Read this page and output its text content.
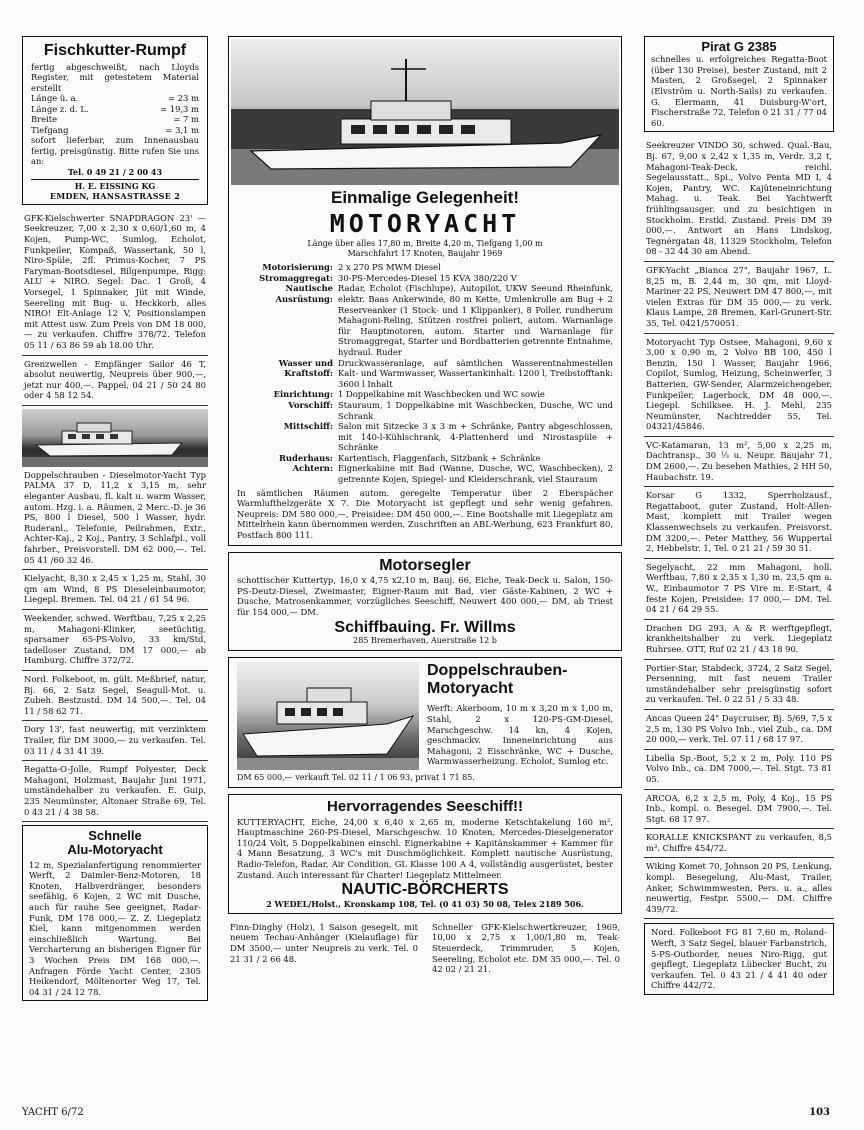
Fischkutter-Rumpf
fertig abgeschweißt, nach Lloyds Register, mit getestetem Material erstellt
Länge ü. a.	= 23 m
Länge z. d. L.	= 19,3 m
Breite	= 7 m
Tiefgang	= 3,1 m
sofort lieferbar, zum Innenausbau fertig, preisgünstig. Bitte rufen Sie uns an:
Tel. 0 49 21 / 2 00 43
H. E. EISSING KG
EMDEN, HANSASTRASSE 2
GFK-Kielschwerter SNAPDRAGON 23' — Seekreuzer, 7,00 x 2,30 x 0,60/1,60 m, 4 Kojen, Pump-WC, Sumlog, Echolot, Funkpeiler, Kompaß, Wassertank, 50 l, Niro-Spüle, 2fl. Primus-Kocher, 7 PS Faryman-Bootsdiesel, Bilgenpumpe, Rigg: ALU + NIRO. Segel: Dac. 1 Groß, 4 Vorsegel, 1 Spinnaker, Jüt mit Winde, Seereling mit Bug- u. Heckkorb, alles NIRO! Elt-Anlage 12 V, Positionslampen mit Attest usw. Zum Preis von DM 18 000,— zu verkaufen. Chiffre 378/72. Telefon 05 11 / 63 86 59 ab 18.00 Uhr.
Grenzwellen - Empfänger Sailor 46 T, absolut neuwertig, Neupreis über 900,—, jetzt nur 400,—. Pappel, 04 21 / 50 24 80 oder 4 58 12 54.
Doppelschrauben - Dieselmotor-Yacht Typ PALMA 37 D, 11,2 x 3,15 m, sehr eleganter Ausbau, fl. kalt u. warm Wasser, autom. Hzg. i. a. Räumen, 2 Merc.-D. je 36 PS, 800 l Diesel, 500 l Wasser, hydr. Ruderanl., Telefonie, Peilrahmen, Extr., Achter-Kaj., 2 Koj., Pantry, 3 Schlafpl., voll fahrber., Preisvorstell. DM 62 000,—. Tel. 05 41 /60 32 46.
Kielyacht, 8,30 x 2,45 x 1,25 m, Stahl, 30 qm am Wind, 8 PS Dieseleinbaumotor, Liegepl. Bremen. Tel. 04 21 / 61 54 96.
Weekender, schwed. Werftbau, 7,25 x 2,25 m, Mahagoni-Klinker, seetüchtig, sparsamer 65-PS-Volvo, 33 km/Std, tadelloser Zustand, DM 17 000,— ab Hamburg. Chiffre 372/72.
Nord. Folkeboot, m. gült. Meßbrief, natur, Bj. 66, 2 Satz Segel, Seagull-Mot. u. Zubeh. Bestzustd. DM 14 500,—. Tel. 04 11 / 58 62 71.
Dory 13', fast neuwertig, mit verzinktem Trailer, für DM 3000,— zu verkaufen. Tel. 03 11 / 4 31 41 39.
Regatta-O-Jolle, Rumpf Polyester, Deck Mahagoni, Holzmast, Baujahr Juni 1971, umständehalber zu verkaufen. E. Guip, 235 Neumünster, Altonaer Straße 69, Tel. 0 43 21 / 4 38 58.
Schnelle
Alu-Motoryacht
12 m, Spezialanfertigung renommierter Werft, 2 Daimler-Benz-Motoren, 18 Knoten, Halbverdränger, besonders seefähig, 6 Kojen, 2 WC mit Dusche, auch für rauhe See geeignet, Radar-Funk, DM 178 000,— Z. Z. Liegeplatz Kiel, kann mitgenommen werden einschließlich Wartung. Bei Vercharterung an bisherigen Eigner für 3 Wochen Preis DM 168 000,—. Anfragen Förde Yacht Center, 2305 Heikendorf, Möltenorter Weg 17, Tel. 04 31 / 24 12 78.
Einmalige Gelegenheit!
MOTORYACHT
Länge über alles 17,80 m, Breite 4,20 m, Tiefgang 1,00 m
Marschfahrt 17 Knoten, Baujahr 1969
Motorisierung: 2 x 270 PS MWM Diesel
Stromaggregat: 30-PS-Mercedes-Diesel 15 KVA 380/220 V
Nautische Ausrüstung:
Radar, Echolot (Fischlupe), Autopilot, UKW Seeund Rheinfunk, elektr. Baas Ankerwinde, 80 m Kette, Umlenkrolle am Bug + 2 Reserveanker (1 Stock- und 1 Klippanker), 8 Poller, rundherum Mahagoni-Reling, Stützen rostfrei poliert, autom. Warnanlage für Hauptmotoren, autom. Starter und Warnanlage für Stromaggregat, Starter und Bordbatterien getrennte Entnahme, hydraul. Ruder
Wasser und Kraftstoff:
Druckwasseranlage, auf sämtlichen Wasserentnahmestellen Kalt- und Warmwasser, Wassertankinhalt: 1200 l, Treibstofftank: 3600 l Inhalt
Einrichtung: 1 Doppelkabine mit Waschbecken und WC sowie
Vorschiff: Stauraum, 1 Doppelkabine mit Waschbecken, Dusche, WC und Schrank
Mittschiff: Salon mit Sitzecke 3 x 3 m + Schränke, Pantry abgeschlossen, mit 140-l-Kühlschrank, 4-Plattenherd und Nirostaspüle + Schränke
Ruderhaus: Kartentisch, Flaggenfach, Sitzbank + Schränke
Achtern: Eignerkabine mit Bad (Wanne, Dusche, WC, Waschbecken), 2 getrennte Kojen, Spiegel- und Kleiderschrank, viel Stauraum
In sämtlichen Räumen autom. geregelte Temperatur über 2 Eberspächer Warmlufthelzgeräte X 7. Die Motoryacht ist gepflegt und sehr wenig gefahren. Neupreis: DM 580 000,—, Preisidee: DM 450 000,—. Eine Bootshalle mit Liegeplatz am Mittelrhein kann übernommen werden. Zuschriften an ABL-Werbung, 623 Frankfurt 80, Postfach 800 111.
Motorsegler
schottischer Kuttertyp, 16,0 x 4,75 x2,10 m, Bauj. 66, Eiche, Teak-Deck u. Salon, 150-PS-Deutz-Diesel, Zweimaster, Eigner-Raum mit Bad, vier Gäste-Kabinen, 2 WC + Dusche, Matrosenkammer, vorzügliches Seeschiff, Neuwert 400 000,— DM, ab Triest für 154 000,— DM.
Schiffbauing. Fr. Willms
285 Bremerhaven, Auerstraße 12 b
Doppelschrauben-
Motoryacht
Werft: Akerboom, 10 m x 3,20 m x 1,00 m, Stahl, 2 x 120-PS-GM-Diesel, Marschgeschw. 14 kn, 4 Kojen, geschmackv. Inneneinrichtung aus Mahagoni, 2 Eisschränke, WC + Dusche, Warmwasserheizung. Echolot, Sumlog etc.
DM 65 000,— verkauft Tel. 02 11 / 1 06 93, privat 1 71 85.
Hervorragendes Seeschiff!!
KUTTERYACHT, Eiche, 24,00 x 6,40 x 2,65 m, moderne Ketschtakelung 160 m², Hauptmaschine 260-PS-Diesel, Marschgeschw. 10 Knoten, Mercedes-Dieselgenerator 110/24 Volt, 5 Doppelkabinen einschl. Eignerkabine + Kapitänskammer + Kammer für 4 Mann Besatzung, 3 WC's mit Duschmöglichkeit. Komplett nautische Ausrüstung, Radio-Telefon, Radar, Air Condition, GL Klasse 100 A 4, vollständig ausgerüstet, bester Zustand. Auch interessant für Charter! Liegeplatz Mittelmeer.
NAUTIC-BÖRCHERTS
2 WEDEL/Holst., Kronskamp 108, Tel. (0 41 03) 50 08, Telex 2189 506.
Finn-Dinghy (Holz), 1 Saison gesegelt, mit neuem Techau-Anhänger (Kielauflage) für DM 3500,— unter Neupreis zu verk. Tel. 0 21 31 / 2 66 48.
Schneller GFK-Kielschwertkreuzer, 1969, 10,00 x 2,75 x 1,00/1,80 m, Teak-Steuerdeck, Trimmruder, 5 Kojen, Seereling, Echolot etc. DM 35 000,—. Tel. 0 42 02 / 21 21.
Pirat G 2385
schnelles u. erfolgreiches Regatta-Boot (über 130 Preise), bester Zustand, mit 2 Masten, 2 Großsegel, 2 Spinnaker (Elvström u. North-Sails) zu verkaufen. G. Elermann, 41 Duisburg-W'ort, Fischerstraße 72, Telefon 0 21 31 / 77 04 60.
Seekreuzer VINDO 30, schwed. Qual.-Bau, Bj. 67, 9,00 x 2,42 x 1,35 m, Verdr. 3,2 t, Mahagoni-Teak-Deck, reichl. Segelausstatt., Spi., Volvo Penta MD I, 4 Kojen, Pantry, WC. Kajüteneinrichtung Mahag. u. Teak. Bei Yachtwerft frühlingsausger. und zu besichtigen in Stockholm. Erstkl. Zustand. Preis DM 39 000,—. Antwort an Hans Lindskog, Tegnérgatan 48, 11329 Stockholm, Telefon 08 - 32 44 30 am Abend.
GFK-Yacht „Bianca 27", Baujahr 1967, L. 8,25 m, B. 2,44 m, 30 qm, mit Lloyd-Mariner 22 PS, Neuwert DM 47 800,—, mit vielen Extras für DM 35 000,— zu verk. Klaus Lampe, 28 Bremen, Karl-Grunert-Str. 35, Tel. 0421/570051.
Motoryacht Typ Ostsee, Mahagoni, 9,60 x 3,00 x 0,90 m, 2 Volvo BB 100, 450 l Benzin, 150 l Wasser, Baujahr 1966, Copilot, Sumlog, Heizung, Scheinwerfer, 3 Batterien, GW-Sender, Alarmzeichengeber, Funkpeiler, Lagerbock, DM 48 000,—. Liegepl. Schilksee. H. J. Mehl, 235 Neumünster, Nachtredder 55, Tel. 04321/45846.
VC-Katamaran, 13 m², 5,00 x 2,25 m, Dachtransp., 30 ⅓ u. Neupr. Baujahr 71, DM 2600,—. Zu besehen Mathies, 2 HH 50, Haubachstr. 19.
Korsar G 1332, Sperrholzausf., Regattaboot, guter Zustand, Holt-Allen-Mast, komplett mit Trailer wegen Klassenwechsels zu verkaufen. Preisvorst. DM 3200,—. Peter Matthey, 56 Wuppertal 2, Hebbelstr. 1, Tel. 0 21 21 / 59 30 51.
Segelyacht, 22 mm Mahagoni, holl. Werftbau, 7,80 x 2,35 x 1,30 m, 23,5 qm a. W., Einbaumotor 7 PS Vire m. E-Start, 4 feste Kojen, Preisidee: 17 000,— DM. Tel. 04 21 / 64 29 55.
Drachen DG 293, A & R werftgepflegt, krankheitshalber zu verk. Liegeplatz Ruhrsee. OTT, Ruf 02 21 / 43 18 90.
Portier-Star, Stabdeck, 3724, 2 Satz Segel, Persenning, mit fast neuem Trailer umständehalber sehr preisgünstig sofort zu verkaufen. Tel. 0 22 51 / 5 33 48.
Ancas Queen 24" Daycruiser, Bj. 5/69, 7,5 x 2,5 m, 130 PS Volvo Inb., viel Zub., ca. DM 20 000,— verk. Tel. 07 11 / 68 17 97.
Libella Sp.-Boot, 5,2 x 2 m, Poly. 110 PS Volvo Inb., ca. DM 7000,—. Tel. Stgt. 73 81 05.
ARCOA, 6,2 x 2,5 m, Poly, 4 Koj., 15 PS Inb., kompl. o. Besegel. DM 7900,—. Tel. Stgt. 68 17 97.
KORALLE KNICKSPANT zu verkaufen, 8,5 m². Chiffre 454/72.
Wiking Komet 70, Johnson 20 PS, Lenkung, kompl. Besegelung, Alu-Mast, Trailer, Anker, Schwimmwesten, Pers. u. a., alles neuwertig, Festpr. 5500,— DM. Chiffre 439/72.
Nord. Folkeboot FG 81 7,60 m, Roland-Werft, 3 Satz Segel, blauer Farbanstrich, 5-PS-Outborder, neues Niro-Rigg, gut gepflegt, Liegeplatz Lübecker Bucht, zu verkaufen. Tel. 0 43 21 / 4 41 40 oder Chiffre 442/72.
YACHT 6/72	103
